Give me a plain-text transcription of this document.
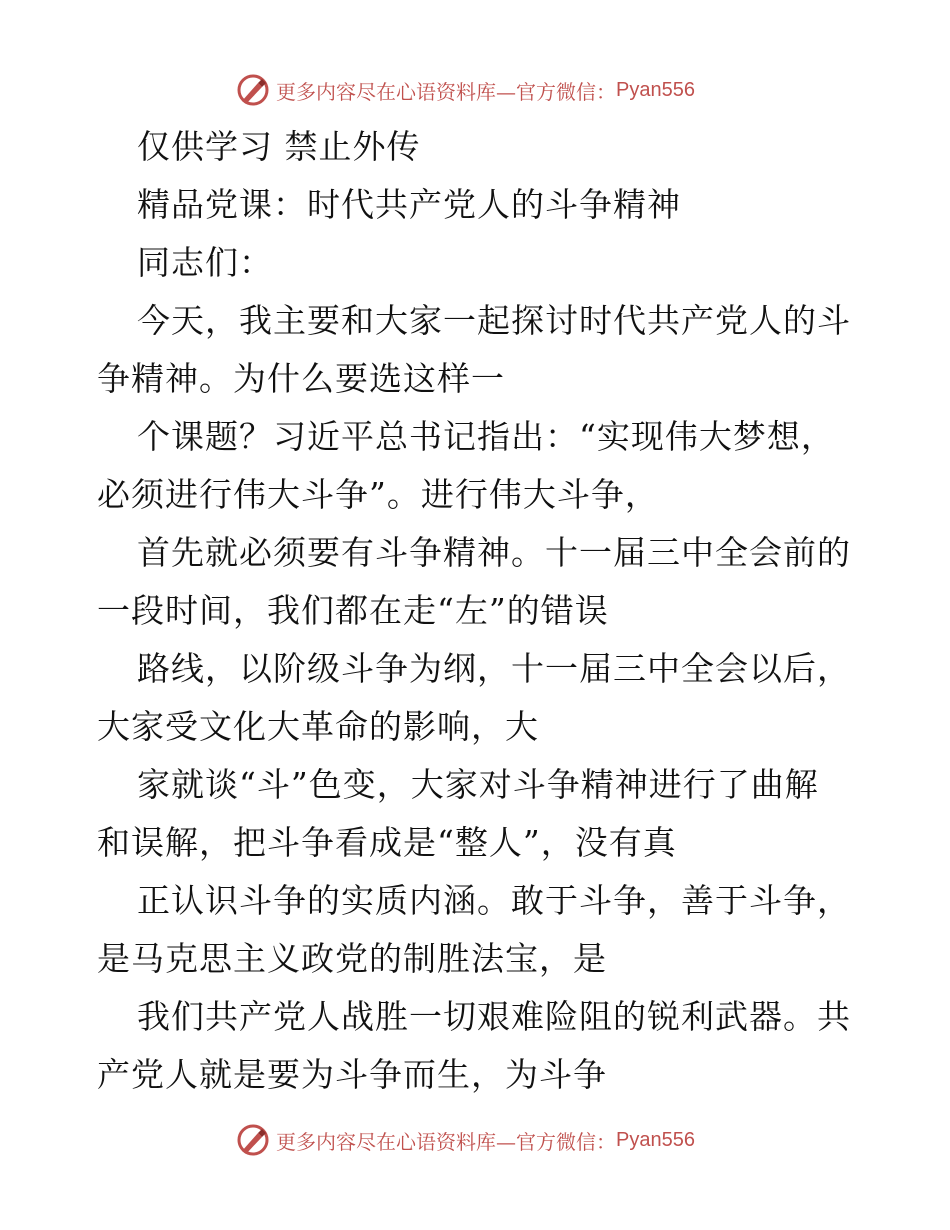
更多内容尽在心语资料库—官方微信： Pyan556
仅供学习 禁止外传
精品党课：时代共产党人的斗争精神
同志们：
今天，我主要和大家一起探讨时代共产党人的斗
争精神。为什么要选这样一
个课题？习近平总书记指出：“实现伟大梦想，
必须进行伟大斗争”。进行伟大斗争，
首先就必须要有斗争精神。十一届三中全会前的
一段时间，我们都在走“左”的错误
路线，以阶级斗争为纲，十一届三中全会以后，
大家受文化大革命的影响，大
家就谈“斗”色变，大家对斗争精神进行了曲解
和误解，把斗争看成是“整人”，没有真
正认识斗争的实质内涵。敢于斗争，善于斗争，
是马克思主义政党的制胜法宝，是
我们共产党人战胜一切艰难险阻的锐利武器。共
产党人就是要为斗争而生，为斗争
更多内容尽在心语资料库—官方微信： Pyan556
